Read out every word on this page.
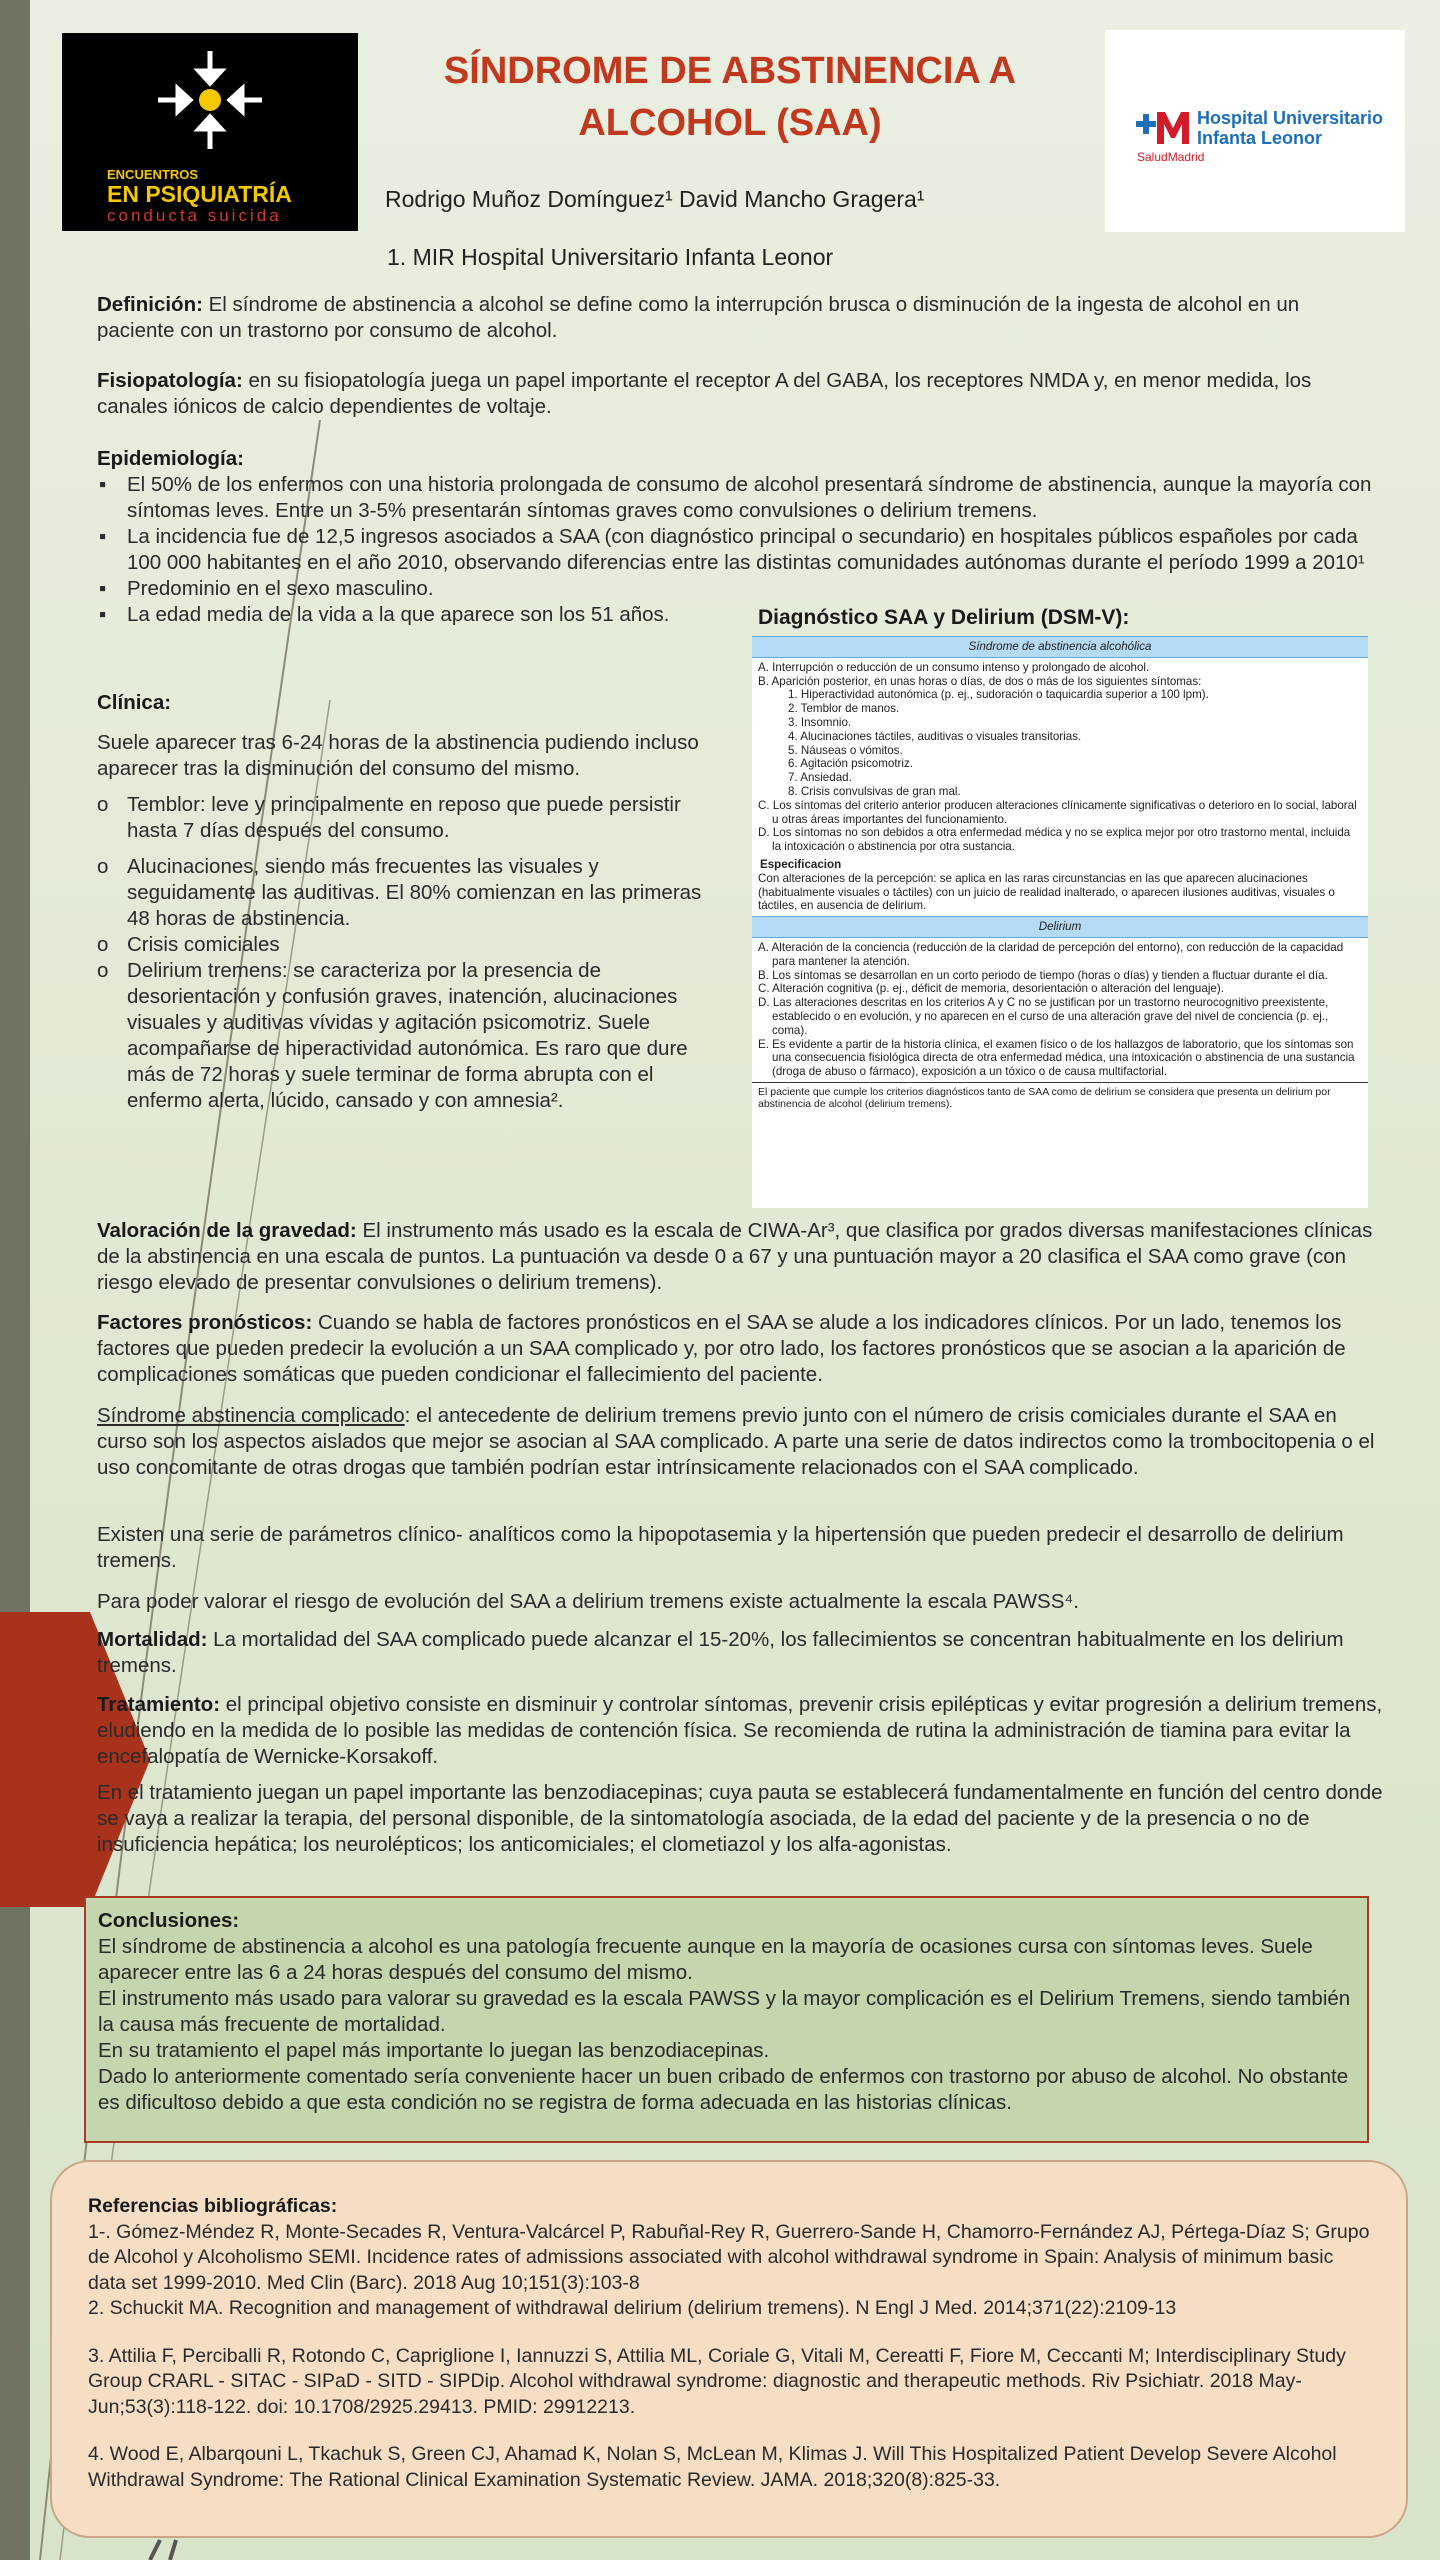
ENCUENTROS
EN PSIQUIATRÍA
conducta suicida
SÍNDROME DE ABSTINENCIA A
ALCOHOL (SAA)
Rodrigo Muñoz Domínguez¹ David Mancho Gragera¹
1. MIR Hospital Universitario Infanta Leonor
Hospital Universitario
Infanta Leonor
SaludMadrid
Definición: El síndrome de abstinencia a alcohol se define como la interrupción brusca o disminución de la ingesta de alcohol en un paciente con un trastorno por consumo de alcohol.
Fisiopatología: en su fisiopatología juega un papel importante el receptor A del GABA, los receptores NMDA y, en menor medida, los canales iónicos de calcio dependientes de voltaje.
Epidemiología:
▪ El 50% de los enfermos con una historia prolongada de consumo de alcohol presentará síndrome de abstinencia, aunque la mayoría con síntomas leves. Entre un 3-5% presentarán síntomas graves como convulsiones o delirium tremens.
▪ La incidencia fue de 12,5 ingresos asociados a SAA (con diagnóstico principal o secundario) en hospitales públicos españoles por cada 100 000 habitantes en el año 2010, observando diferencias entre las distintas comunidades autónomas durante el período 1999 a 2010¹
▪ Predominio en el sexo masculino.
▪ La edad media de la vida a la que aparece son los 51 años.
Clínica:

Suele aparecer tras 6-24 horas de la abstinencia pudiendo incluso aparecer tras la disminución del consumo del mismo.

o Temblor: leve y principalmente en reposo que puede persistir hasta 7 días después del consumo.
o Alucinaciones, siendo más frecuentes las visuales y seguidamente las auditivas. El 80% comienzan en las primeras 48 horas de abstinencia.
o Crisis comiciales
o Delirium tremens: se caracteriza por la presencia de desorientación y confusión graves, inatención, alucinaciones visuales y auditivas vívidas y agitación psicomotriz. Suele acompañarse de hiperactividad autonómica. Es raro que dure más de 72 horas y suele terminar de forma abrupta con el enfermo alerta, lúcido, cansado y con amnesia².
Diagnóstico SAA y Delirium (DSM-V):
Síndrome de abstinencia alcohólica
A. Interrupción o reducción de un consumo intenso y prolongado de alcohol.
B. Aparición posterior, en unas horas o días, de dos o más de los siguientes síntomas:
1. Hiperactividad autonómica (p. ej., sudoración o taquicardia superior a 100 lpm).
2. Temblor de manos.
3. Insomnio.
4. Alucinaciones táctiles, auditivas o visuales transitorias.
5. Náuseas o vómitos.
6. Agitación psicomotriz.
7. Ansiedad.
8. Crisis convulsivas de gran mal.
C. Los síntomas del criterio anterior producen alteraciones clínicamente significativas o deterioro en lo social, laboral u otras áreas importantes del funcionamiento.
D. Los síntomas no son debidos a otra enfermedad médica y no se explica mejor por otro trastorno mental, incluida la intoxicación o abstinencia por otra sustancia.
Especificacion
Con alteraciones de la percepción: se aplica en las raras circunstancias en las que aparecen alucinaciones (habitualmente visuales o táctiles) con un juicio de realidad inalterado, o aparecen ilusiones auditivas, visuales o táctiles, en ausencia de delirium.
Delirium
A. Alteración de la conciencia (reducción de la claridad de percepción del entorno), con reducción de la capacidad para mantener la atención.
B. Los síntomas se desarrollan en un corto periodo de tiempo (horas o días) y tienden a fluctuar durante el día.
C. Alteración cognitiva (p. ej., déficit de memoria, desorientación o alteración del lenguaje).
D. Las alteraciones descritas en los criterios A y C no se justifican por un trastorno neurocognitivo preexistente, establecido o en evolución, y no aparecen en el curso de una alteración grave del nivel de conciencia (p. ej., coma).
E. Es evidente a partir de la historia clínica, el examen físico o de los hallazgos de laboratorio, que los síntomas son una consecuencia fisiológica directa de otra enfermedad médica, una intoxicación o abstinencia de una sustancia (droga de abuso o fármaco), exposición a un tóxico o de causa multifactorial.
El paciente que cumple los criterios diagnósticos tanto de SAA como de delirium se considera que presenta un delirium por abstinencia de alcohol (delirium tremens).
Valoración de la gravedad: El instrumento más usado es la escala de CIWA-Ar³, que clasifica por grados diversas manifestaciones clínicas de la abstinencia en una escala de puntos. La puntuación va desde 0 a 67 y una puntuación mayor a 20 clasifica el SAA como grave (con riesgo elevado de presentar convulsiones o delirium tremens).
Factores pronósticos: Cuando se habla de factores pronósticos en el SAA se alude a los indicadores clínicos. Por un lado, tenemos los factores que pueden predecir la evolución a un SAA complicado y, por otro lado, los factores pronósticos que se asocian a la aparición de complicaciones somáticas que pueden condicionar el fallecimiento del paciente.
Síndrome abstinencia complicado: el antecedente de delirium tremens previo junto con el número de crisis comiciales durante el SAA en curso son los aspectos aislados que mejor se asocian al SAA complicado. A parte una serie de datos indirectos como la trombocitopenia o el uso concomitante de otras drogas que también podrían estar intrínsicamente relacionados con el SAA complicado.
Existen una serie de parámetros clínico- analíticos como la hipopotasemia y la hipertensión que pueden predecir el desarrollo de delirium tremens.
Para poder valorar el riesgo de evolución del SAA a delirium tremens existe actualmente la escala PAWSS⁴.
Mortalidad: La mortalidad del SAA complicado puede alcanzar el 15-20%, los fallecimientos se concentran habitualmente en los delirium tremens.
Tratamiento: el principal objetivo consiste en disminuir y controlar síntomas, prevenir crisis epilépticas y evitar progresión a delirium tremens, eludiendo en la medida de lo posible las medidas de contención física. Se recomienda de rutina la administración de tiamina para evitar la encefalopatía de Wernicke-Korsakoff.

En el tratamiento juegan un papel importante las benzodiacepinas; cuya pauta se establecerá fundamentalmente en función del centro donde se vaya a realizar la terapia, del personal disponible, de la sintomatología asociada, de la edad del paciente y de la presencia o no de insuficiencia hepática; los neurolépticos; los anticomiciales; el clometiazol y los alfa-agonistas.

Conclusiones:
El síndrome de abstinencia a alcohol es una patología frecuente aunque en la mayoría de ocasiones cursa con síntomas leves. Suele aparecer entre las 6 a 24 horas después del consumo del mismo.
El instrumento más usado para valorar su gravedad es la escala PAWSS y la mayor complicación es el Delirium Tremens, siendo también la causa más frecuente de mortalidad.
En su tratamiento el papel más importante lo juegan las benzodiacepinas.
Dado lo anteriormente comentado sería conveniente hacer un buen cribado de enfermos con trastorno por abuso de alcohol. No obstante es dificultoso debido a que esta condición no se registra de forma adecuada en las historias clínicas.
Referencias bibliográficas:

1-. Gómez-Méndez R, Monte-Secades R, Ventura-Valcárcel P, Rabuñal-Rey R, Guerrero-Sande H, Chamorro-Fernández AJ, Pértega-Díaz S; Grupo de Alcohol y Alcoholismo SEMI. Incidence rates of admissions associated with alcohol withdrawal syndrome in Spain: Analysis of minimum basic data set 1999-2010. Med Clin (Barc). 2018 Aug 10;151(3):103-8

2. Schuckit MA. Recognition and management of withdrawal delirium (delirium tremens). N Engl J Med. 2014;371(22):2109-13

3. Attilia F, Perciballi R, Rotondo C, Capriglione I, Iannuzzi S, Attilia ML, Coriale G, Vitali M, Cereatti F, Fiore M, Ceccanti M; Interdisciplinary Study Group CRARL - SITAC - SIPaD - SITD - SIPDip. Alcohol withdrawal syndrome: diagnostic and therapeutic methods. Riv Psichiatr. 2018 May-Jun;53(3):118-122. doi: 10.1708/2925.29413. PMID: 29912213.

4. Wood E, Albarqouni L, Tkachuk S, Green CJ, Ahamad K, Nolan S, McLean M, Klimas J. Will This Hospitalized Patient Develop Severe Alcohol Withdrawal Syndrome: The Rational Clinical Examination Systematic Review. JAMA. 2018;320(8):825-33.
